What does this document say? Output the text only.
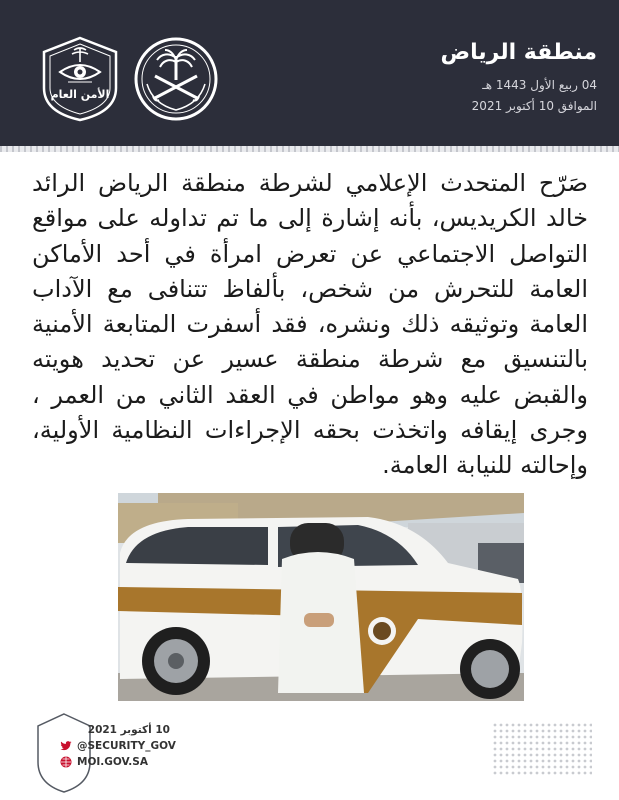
منطقة الرياض
04 ربيع الأول 1443 هـ
الموافق 10 أكتوبر 2021
الأمن العام

صَرّح المتحدث الإعلامي لشرطة منطقة الرياض الرائد خالد الكريديس، بأنه إشارة إلى ما تم تداوله على مواقع التواصل الاجتماعي عن تعرض امرأة في أحد الأماكن العامة للتحرش من شخص، بألفاظ تتنافى مع الآداب العامة وتوثيقه ذلك ونشره، فقد أسفرت المتابعة الأمنية بالتنسيق مع شرطة منطقة عسير عن تحديد هويته والقبض عليه وهو مواطن في العقد الثاني من العمر ، وجرى إيقافه واتخذت بحقه الإجراءات النظامية الأولية، وإحالته للنيابة العامة.

10 أكتوبر 2021
@SECURITY_GOV
MOI.GOV.SA
